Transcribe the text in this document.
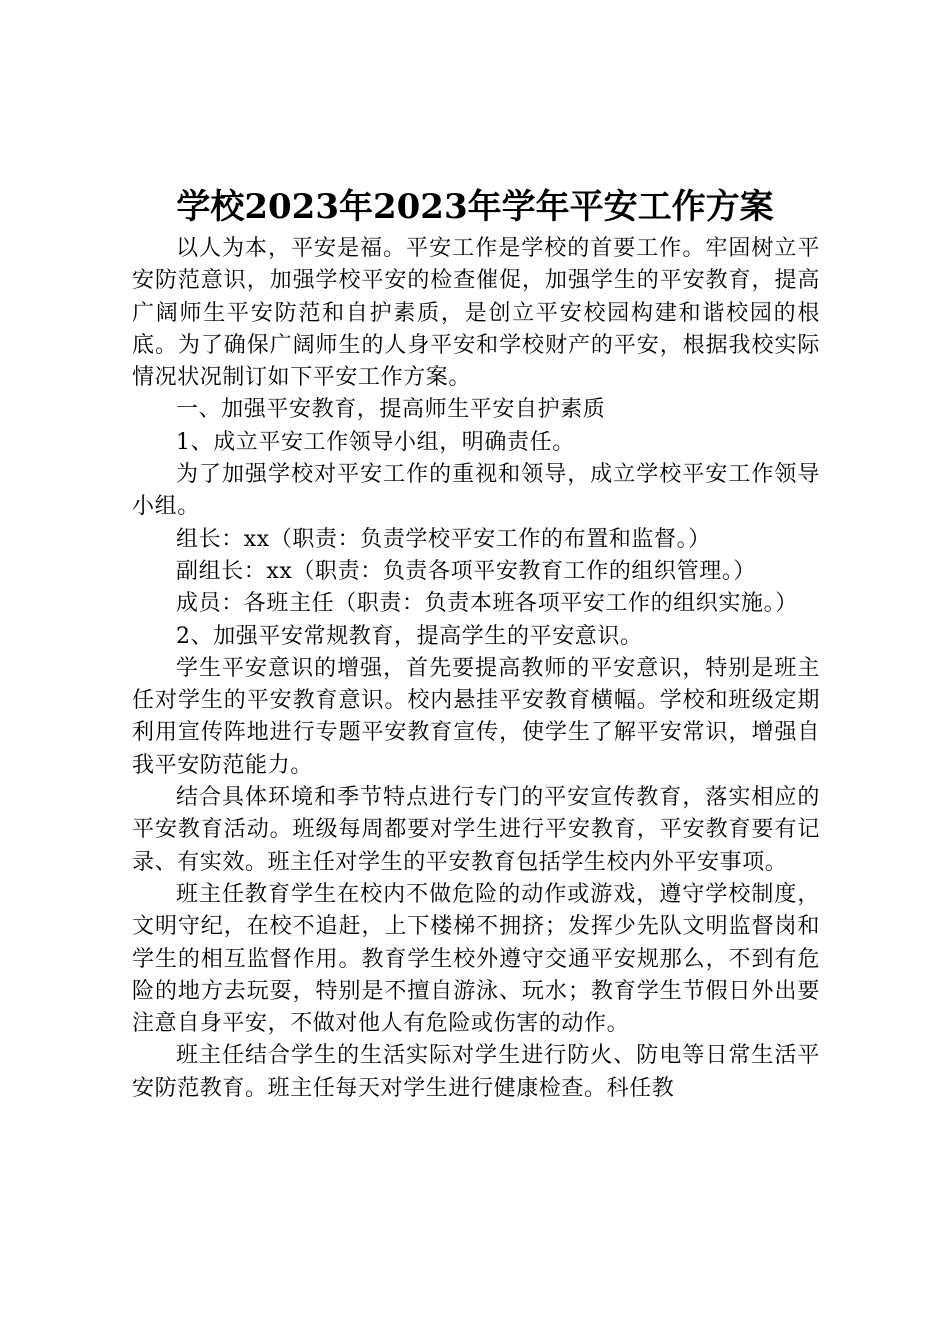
学校2023年2023年学年平安工作方案

以人为本，平安是福。平安工作是学校的首要工作。牢固树立平安防范意识，加强学校平安的检查催促，加强学生的平安教育，提高广阔师生平安防范和自护素质，是创立平安校园构建和谐校园的根底。为了确保广阔师生的人身平安和学校财产的平安，根据我校实际情况状况制订如下平安工作方案。

一、加强平安教育，提高师生平安自护素质

1、成立平安工作领导小组，明确责任。

为了加强学校对平安工作的重视和领导，成立学校平安工作领导小组。

组长：xx（职责：负责学校平安工作的布置和监督。）

副组长：xx（职责：负责各项平安教育工作的组织管理。）

成员：各班主任（职责：负责本班各项平安工作的组织实施。）

2、加强平安常规教育，提高学生的平安意识。

学生平安意识的增强，首先要提高教师的平安意识，特别是班主任对学生的平安教育意识。校内悬挂平安教育横幅。学校和班级定期利用宣传阵地进行专题平安教育宣传，使学生了解平安常识，增强自我平安防范能力。

结合具体环境和季节特点进行专门的平安宣传教育，落实相应的平安教育活动。班级每周都要对学生进行平安教育，平安教育要有记录、有实效。班主任对学生的平安教育包括学生校内外平安事项。

班主任教育学生在校内不做危险的动作或游戏，遵守学校制度，文明守纪，在校不追赶，上下楼梯不拥挤；发挥少先队文明监督岗和学生的相互监督作用。教育学生校外遵守交通平安规那么，不到有危险的地方去玩耍，特别是不擅自游泳、玩水；教育学生节假日外出要注意自身平安，不做对他人有危险或伤害的动作。

班主任结合学生的生活实际对学生进行防火、防电等日常生活平安防范教育。班主任每天对学生进行健康检查。科任教
